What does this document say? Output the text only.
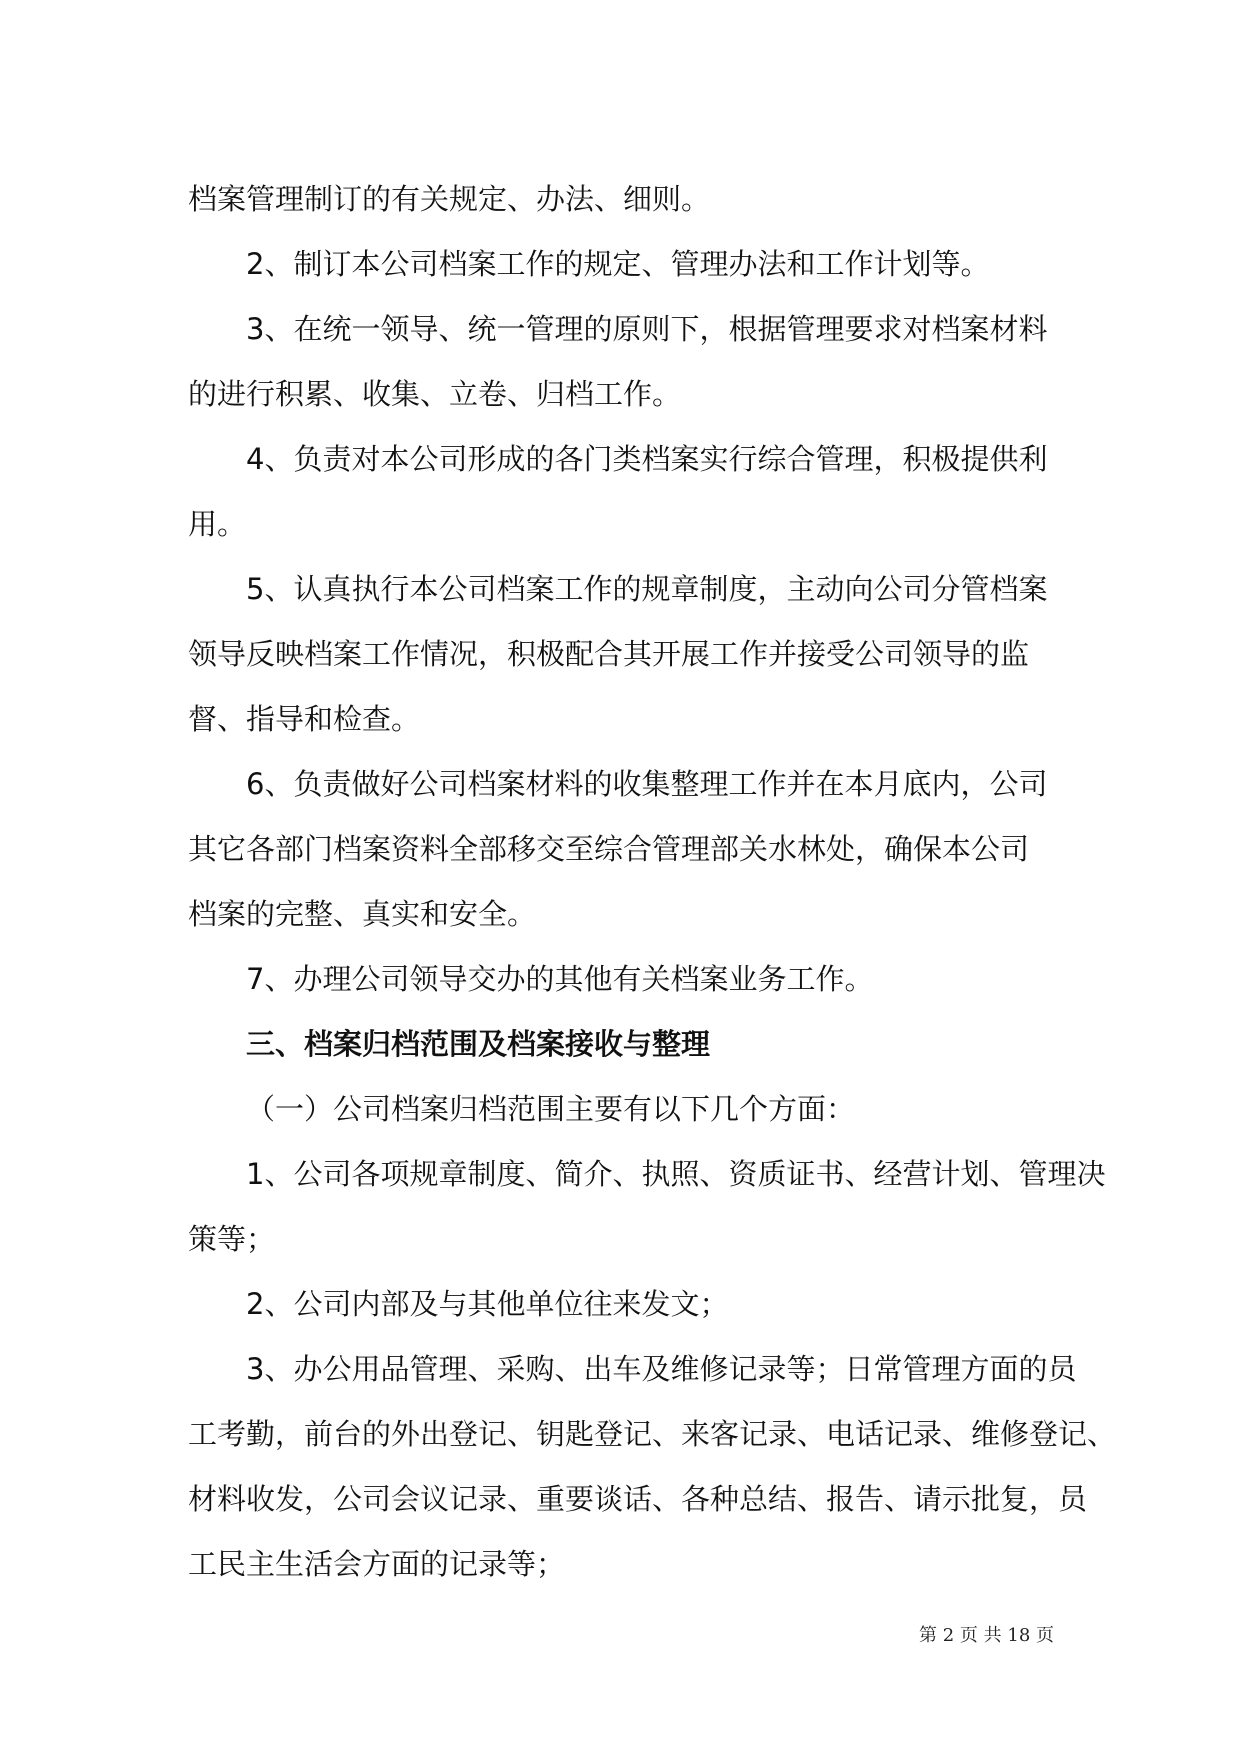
档案管理制订的有关规定、办法、细则。
2、制订本公司档案工作的规定、管理办法和工作计划等。
3、在统一领导、统一管理的原则下，根据管理要求对档案材料
的进行积累、收集、立卷、归档工作。
4、负责对本公司形成的各门类档案实行综合管理，积极提供利
用。
5、认真执行本公司档案工作的规章制度，主动向公司分管档案
领导反映档案工作情况，积极配合其开展工作并接受公司领导的监
督、指导和检查。
6、负责做好公司档案材料的收集整理工作并在本月底内，公司
其它各部门档案资料全部移交至综合管理部关水林处，确保本公司
档案的完整、真实和安全。
7、办理公司领导交办的其他有关档案业务工作。
三、档案归档范围及档案接收与整理
（一）公司档案归档范围主要有以下几个方面：
1、公司各项规章制度、简介、执照、资质证书、经营计划、管理决
策等；
2、公司内部及与其他单位往来发文；
3、办公用品管理、采购、出车及维修记录等；日常管理方面的员
工考勤，前台的外出登记、钥匙登记、来客记录、电话记录、维修登记、
材料收发，公司会议记录、重要谈话、各种总结、报告、请示批复，员
工民主生活会方面的记录等；
第 2 页 共 18 页
